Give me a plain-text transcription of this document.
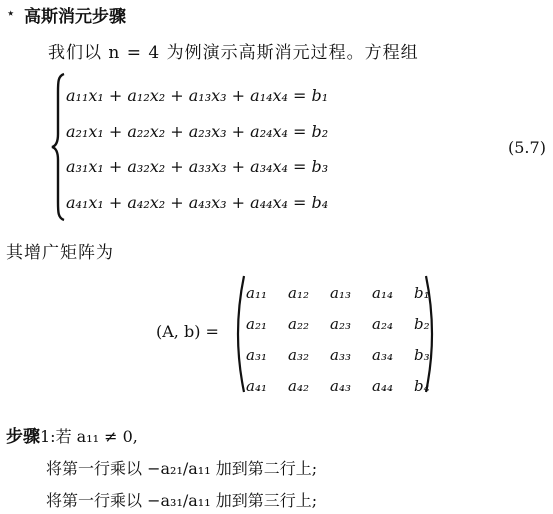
⋆ 高斯消元步骤
我们以 n = 4 为例演示高斯消元过程。方程组
a₁₁x₁ + a₁₂x₂ + a₁₃x₃ + a₁₄x₄ = b₁
a₂₁x₁ + a₂₂x₂ + a₂₃x₃ + a₂₄x₄ = b₂
a₃₁x₁ + a₃₂x₂ + a₃₃x₃ + a₃₄x₄ = b₃
a₄₁x₁ + a₄₂x₂ + a₄₃x₃ + a₄₄x₄ = b₄
(5.7)
其增广矩阵为
(A, b) =
a₁₁	a₁₂	a₁₃	a₁₄	b₁
a₂₁	a₂₂	a₂₃	a₂₄	b₂
a₃₁	a₃₂	a₃₃	a₃₄	b₃
a₄₁	a₄₂	a₄₃	a₄₄	b₄
步骤1:若 a₁₁ ≠ 0,
将第一行乘以 −a₂₁/a₁₁ 加到第二行上;
将第一行乘以 −a₃₁/a₁₁ 加到第三行上;
